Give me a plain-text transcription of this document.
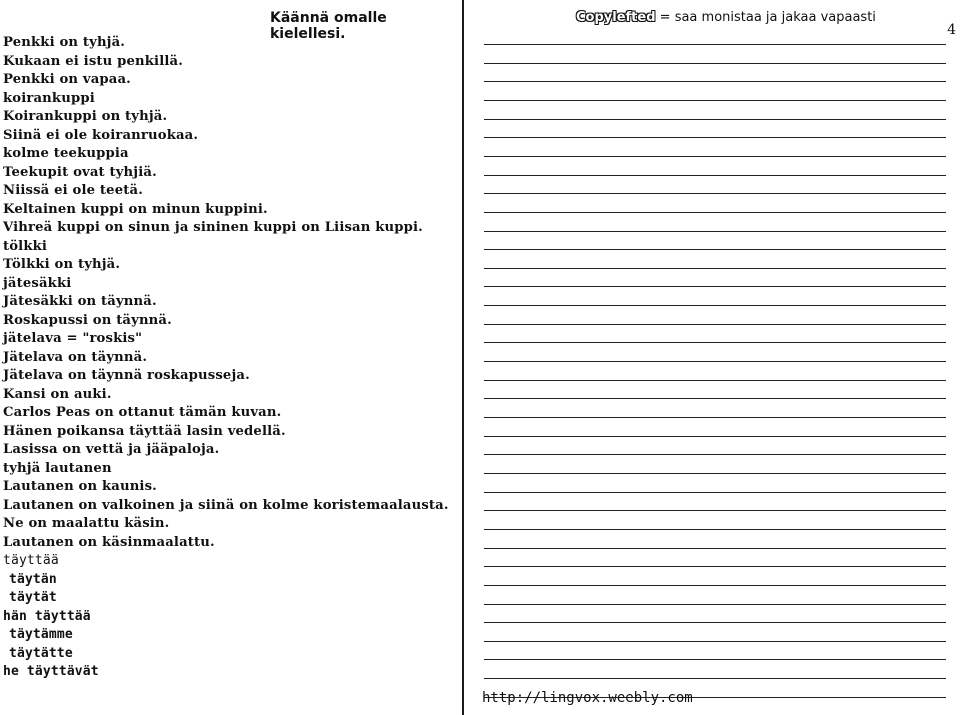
Käännä omalle kielellesi.
Penkki on tyhjä.
Kukaan ei istu penkillä.
Penkki on vapaa.
koirankuppi
Koirankuppi on tyhjä.
Siinä ei ole koiranruokaa.
kolme teekuppia
Teekupit ovat tyhjiä.
Niissä ei ole teetä.
Keltainen kuppi on minun kuppini.
Vihreä kuppi on sinun ja sininen kuppi on Liisan kuppi.
tölkki
Tölkki on tyhjä.
jätesäkki
Jätesäkki on täynnä.
Roskapussi on täynnä.
jätelava = "roskis"
Jätelava on täynnä.
Jätelava on täynnä roskapusseja.
Kansi on auki.
Carlos Peas on ottanut tämän kuvan.
Hänen poikansa täyttää lasin vedellä.
Lasissa on vettä ja jääpaloja.
tyhjä lautanen
Lautanen on kaunis.
Lautanen on valkoinen ja siinä on kolme koristemaalausta.
Ne on maalattu käsin.
Lautanen on käsinmaalattu.
täyttää
täytän
täytät
hän täyttää
täytämme
täytätte
he täyttävät
Copylefted = saa monistaa ja jakaa vapaasti
4
http://lingvox.weebly.com
